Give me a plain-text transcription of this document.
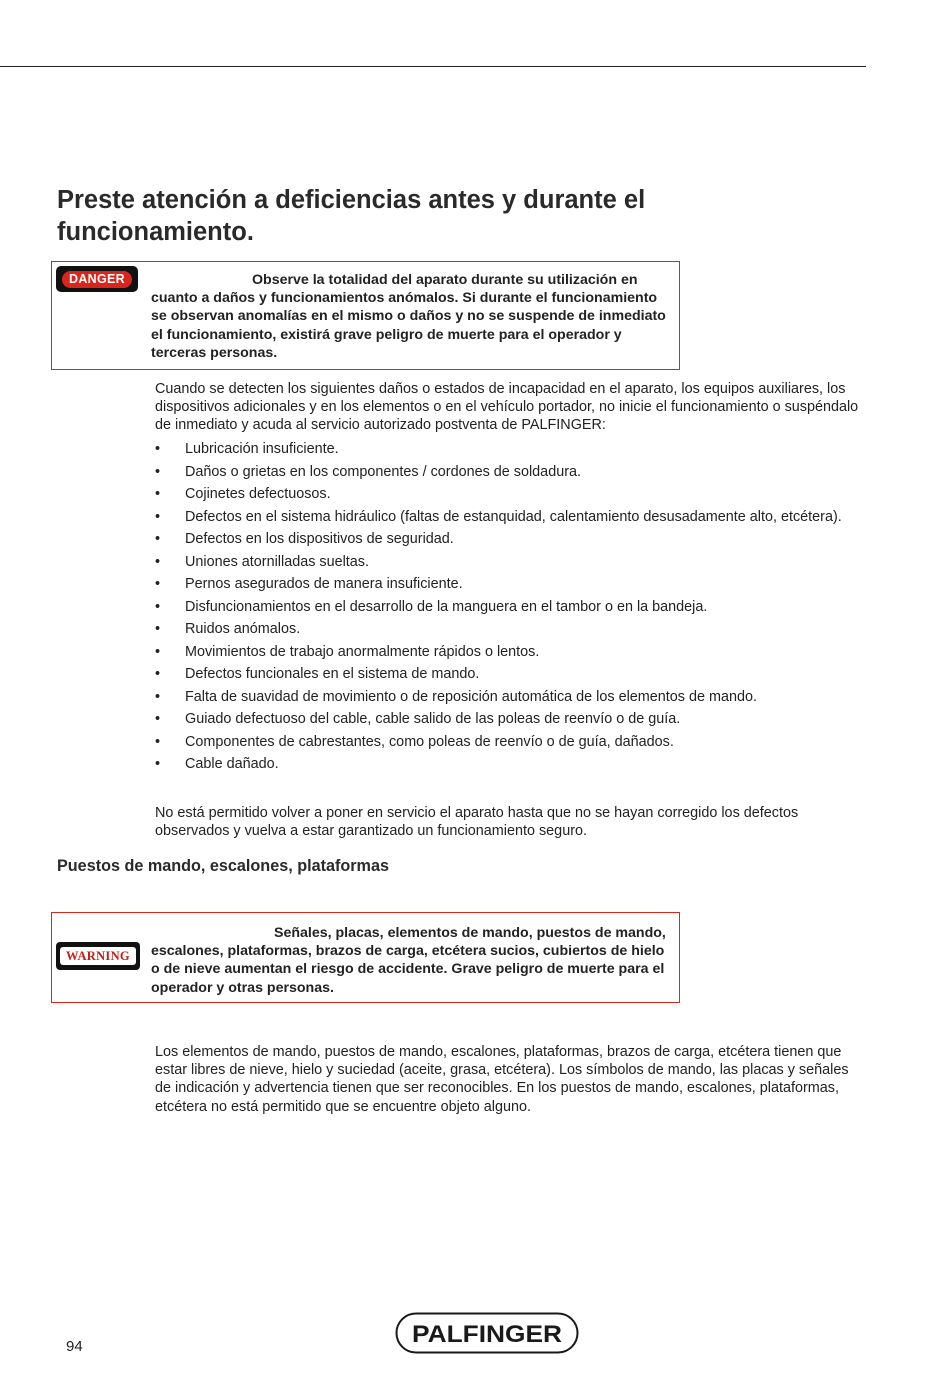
Preste atención a deficiencias antes y durante el funcionamiento.
DANGER	Observe la totalidad del aparato durante su utilización en cuanto a daños y funcionamientos anómalos. Si durante el funcionamiento se observan anomalías en el mismo o daños y no se suspende de inmediato el funcionamiento, existirá grave peligro de muerte para el operador y terceras personas.

Cuando se detecten los siguientes daños o estados de incapacidad en el aparato, los equipos auxiliares, los dispositivos adicionales y en los elementos o en el vehículo portador, no inicie el funcionamiento o suspéndalo de inmediato y acuda al servicio autorizado postventa de PALFINGER:

• Lubricación insuficiente.
• Daños o grietas en los componentes / cordones de soldadura.
• Cojinetes defectuosos.
• Defectos en el sistema hidráulico (faltas de estanquidad, calentamiento desusadamente alto, etcétera).
• Defectos en los dispositivos de seguridad.
• Uniones atornilladas sueltas.
• Pernos asegurados de manera insuficiente.
• Disfuncionamientos en el desarrollo de la manguera en el tambor o en la bandeja.
• Ruidos anómalos.
• Movimientos de trabajo anormalmente rápidos o lentos.
• Defectos funcionales en el sistema de mando.
• Falta de suavidad de movimiento o de reposición automática de los elementos de mando.
• Guiado defectuoso del cable, cable salido de las poleas de reenvío o de guía.
• Componentes de cabrestantes, como poleas de reenvío o de guía, dañados.
• Cable dañado.

No está permitido volver a poner en servicio el aparato hasta que no se hayan corregido los defectos observados y vuelva a estar garantizado un funcionamiento seguro.

Puestos de mando, escalones, plataformas
WARNING
Señales, placas, elementos de mando, puestos de mando, escalones, plataformas, brazos de carga, etcétera sucios, cubiertos de hielo o de nieve aumentan el riesgo de accidente. Grave peligro de muerte para el operador y otras personas.

Los elementos de mando, puestos de mando, escalones, plataformas, brazos de carga, etcétera tienen que estar libres de nieve, hielo y suciedad (aceite, grasa, etcétera). Los símbolos de mando, las placas y señales de indicación y advertencia tienen que ser reconocibles. En los puestos de mando, escalones, plataformas, etcétera no está permitido que se encuentre objeto alguno.

94	PALFINGER
